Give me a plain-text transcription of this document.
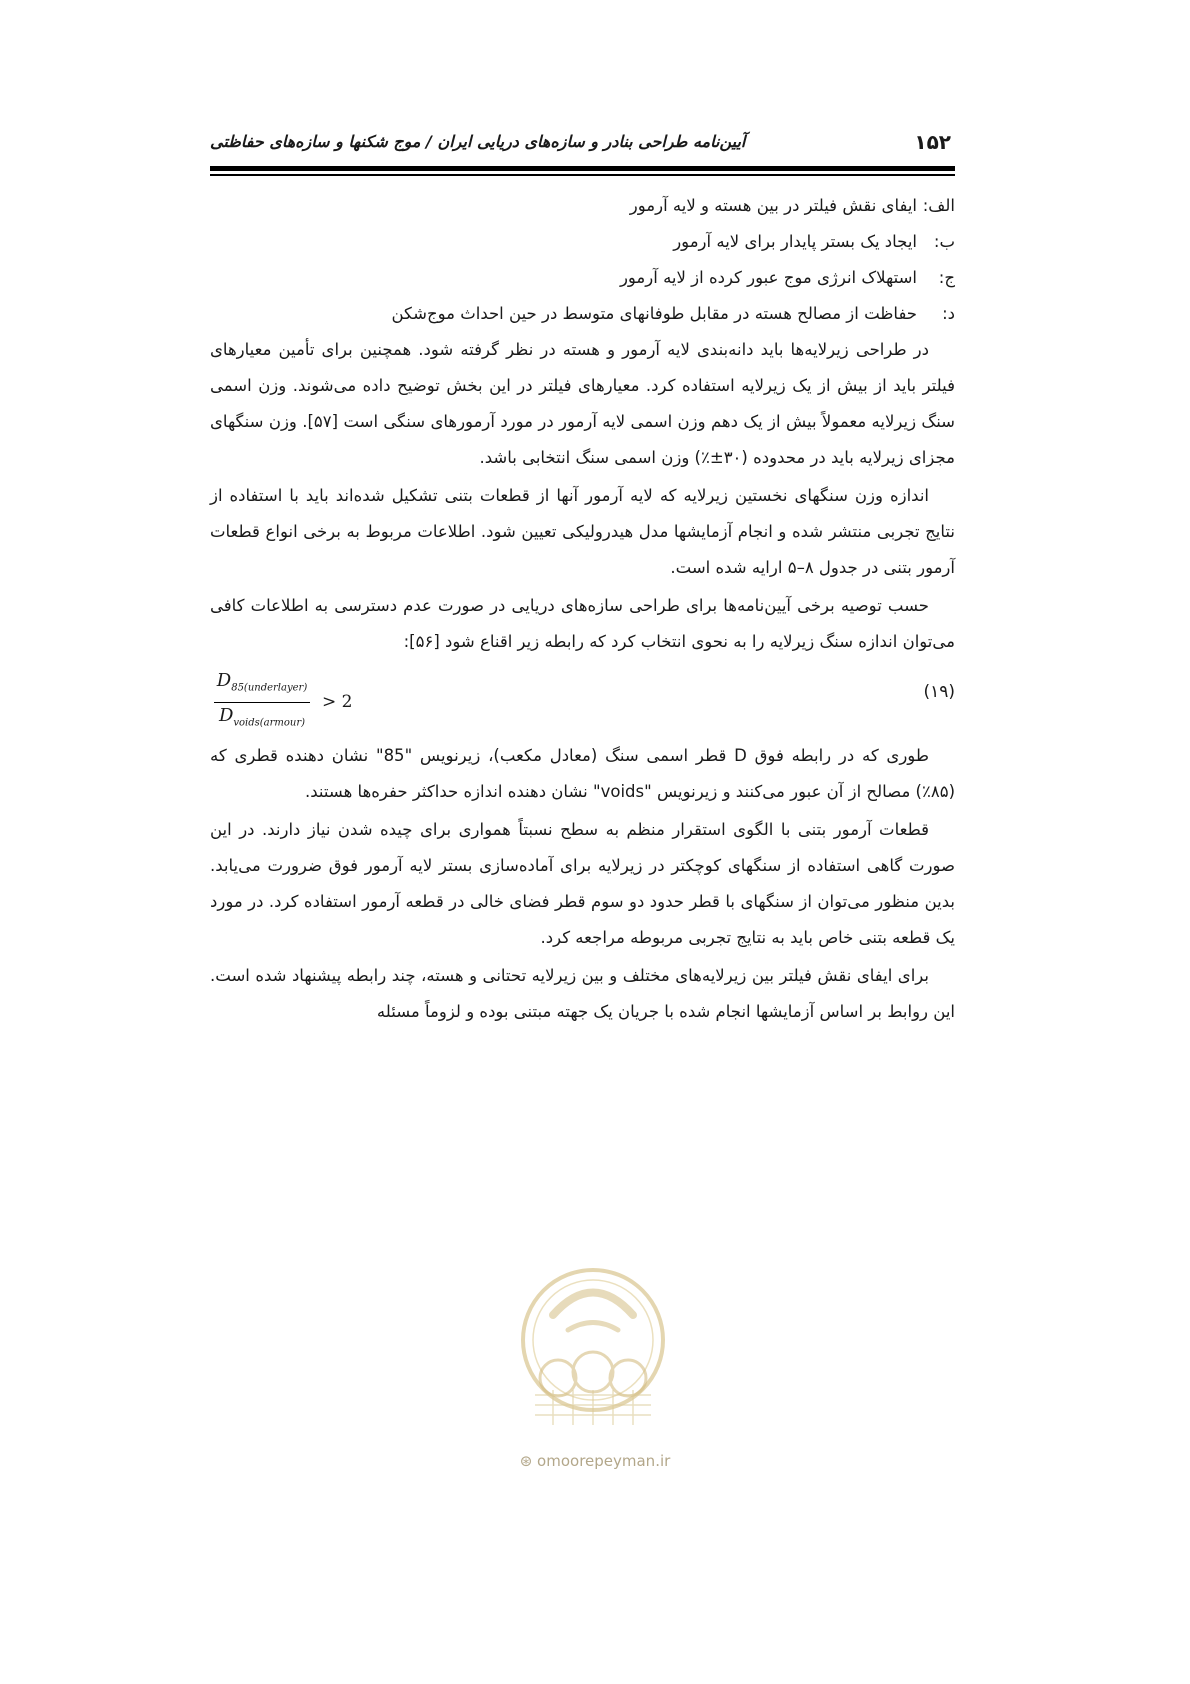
۱۵۲
آیین‌نامه طراحی بنادر و سازه‌های دریایی ایران / موج شکنها و سازه‌های حفاظتی
الف:
ایفای نقش فیلتر در بین هسته و لایه آرمور
ب:
ایجاد یک بستر پایدار برای لایه آرمور
ج:
استهلاک انرژی موج عبور کرده از لایه آرمور
د:
حفاظت از مصالح هسته در مقابل طوفانهای متوسط در حین احداث موج‌شکن

در طراحی زیرلایه‌ها باید دانه‌بندی لایه آرمور و هسته در نظر گرفته شود. همچنین برای تأمین معیارهای فیلتر باید از بیش از یک زیرلایه استفاده کرد. معیارهای فیلتر در این بخش توضیح داده می‌شوند. وزن اسمی سنگ زیرلایه معمولاً بیش از یک دهم وزن اسمی لایه آرمور در مورد آرمورهای سنگی است [۵۷]. وزن سنگهای مجزای زیرلایه باید در محدوده (۳۰±٪) وزن اسمی سنگ انتخابی باشد.

اندازه وزن سنگهای نخستین زیرلایه که لایه آرمور آنها از قطعات بتنی تشکیل شده‌اند باید با استفاده از نتایج تجربی منتشر شده و انجام آزمایشها مدل هیدرولیکی تعیین شود. اطلاعات مربوط به برخی انواع قطعات آرمور بتنی در جدول ۸–۵ ارایه شده است.

حسب توصیه برخی آیین‌نامه‌ها برای طراحی سازه‌های دریایی در صورت عدم دسترسی به اطلاعات کافی می‌توان اندازه سنگ زیرلایه را به نحوی انتخاب کرد که رابطه زیر اقناع شود [۵۶]:

$D_{85(underlayer)}$
$D_{voids(armour)}$
> 2	(۱۹)

طوری که در رابطه فوق D قطر اسمی سنگ (معادل مکعب)، زیرنویس "85" نشان دهنده قطری که (۸۵٪) مصالح از آن عبور می‌کنند و زیرنویس "voids" نشان دهنده اندازه حداکثر حفره‌ها هستند.

قطعات آرمور بتنی با الگوی استقرار منظم به سطح نسبتاً همواری برای چیده شدن نیاز دارند. در این صورت گاهی استفاده از سنگهای کوچکتر در زیرلایه برای آماده‌سازی بستر لایه آرمور فوق ضرورت می‌یابد. بدین منظور می‌توان از سنگهای با قطر حدود دو سوم قطر فضای خالی در قطعه آرمور استفاده کرد. در مورد یک قطعه بتنی خاص باید به نتایج تجربی مربوطه مراجعه کرد.

برای ایفای نقش فیلتر بین زیرلایه‌های مختلف و بین زیرلایه تحتانی و هسته، چند رابطه پیشنهاد شده است. این روابط بر اساس آزمایشها انجام شده با جریان یک جهته مبتنی بوده و لزوماً مسئله

⊛ omoorepeyman.ir
